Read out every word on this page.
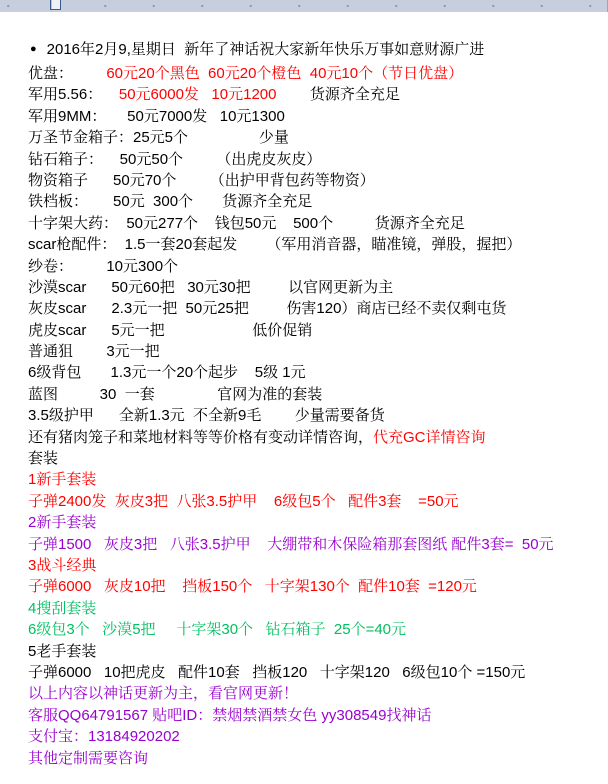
● 2016年2月9,星期日  新年了神话祝大家新年快乐万事如意财源广进
优盘：        60元20个黑色  60元20个橙色  40元10个（节日优盘）
军用5.56：    50元6000发   10元1200        货源齐全充足
军用9MM：     50元7000发   10元1300
万圣节金箱子：25元5个                 少量
钻石箱子：    50元50个        （出虎皮灰皮）
物资箱子      50元70个        （出护甲背包药等物资）
铁档板：      50元  300个       货源齐全充足
十字架大药：  50元277个    钱包50元    500个          货源齐全充足
scar枪配件：  1.5一套20套起发       （军用消音器，瞄准镜，弹股，握把）
纱卷：        10元300个
沙漠scar      50元60把   30元30把         以官网更新为主
灰皮scar      2.3元一把  50元25把         伤害120）商店已经不卖仅剩屯货
虎皮scar      5元一把                     低价促销
普通狙        3元一把
6级背包       1.3元一个20个起步    5级 1元
蓝图          30  一套               官网为准的套装
3.5级护甲      全新1.3元  不全新9毛        少量需要备货
还有猪肉笼子和菜地材料等等价格有变动详情咨询，代充GC详情咨询
套装
1新手套装
子弹2400发  灰皮3把  八张3.5护甲    6级包5个   配件3套    =50元
2新手套装
子弹1500   灰皮3把   八张3.5护甲    大绷带和木保险箱那套图纸 配件3套=  50元
3战斗经典
子弹6000   灰皮10把    挡板150个   十字架130个  配件10套  =120元
4搜刮套装
6级包3个   沙漠5把     十字架30个   钻石箱子  25个=40元
5老手套装
子弹6000   10把虎皮   配件10套   挡板120   十字架120   6级包10个 =150元
以上内容以神话更新为主，看官网更新！
客服QQ64791567 贴吧ID：禁烟禁酒禁女色 yy308549找神话
支付宝：13184920202
其他定制需要咨询
